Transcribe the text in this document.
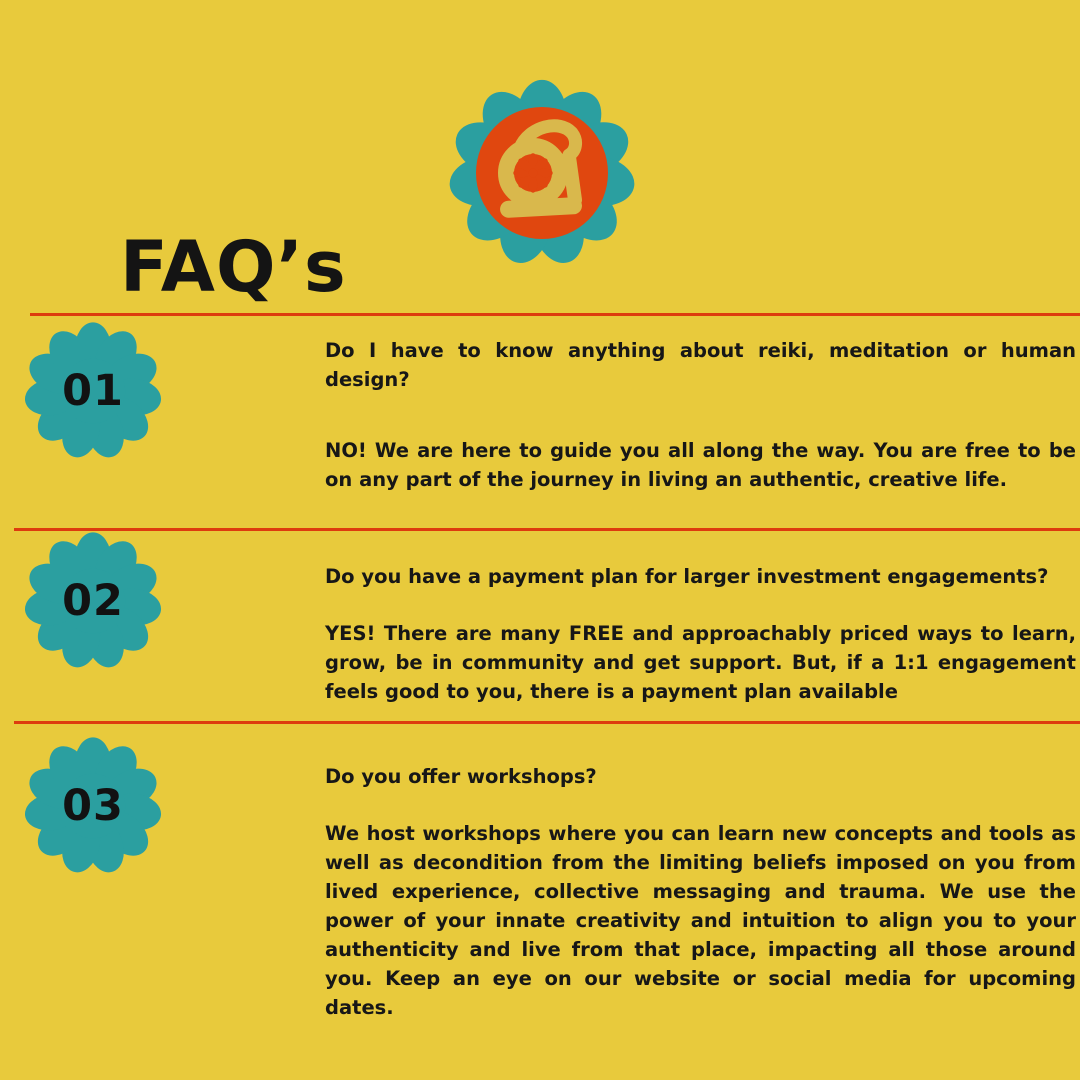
FAQ’s
01

Do I have to know anything about reiki, meditation or human design?

NO! We are here to guide you all along the way. You are free to be on any part of the journey in living an authentic, creative life.

02	Do you have a payment plan for larger investment engagements?

YES! There are many FREE and approachably priced ways to learn, grow, be in community and get support. But, if a 1:1 engagement feels good to you, there is a payment plan available

03

Do you offer workshops?

We host workshops where you can learn new concepts and tools as well as decondition from the limiting beliefs imposed on you from lived experience, collective messaging and trauma. We use the power of your innate creativity and intuition to align you to your authenticity and live from that place, impacting all those around you. Keep an eye on our website or social media for upcoming dates.
